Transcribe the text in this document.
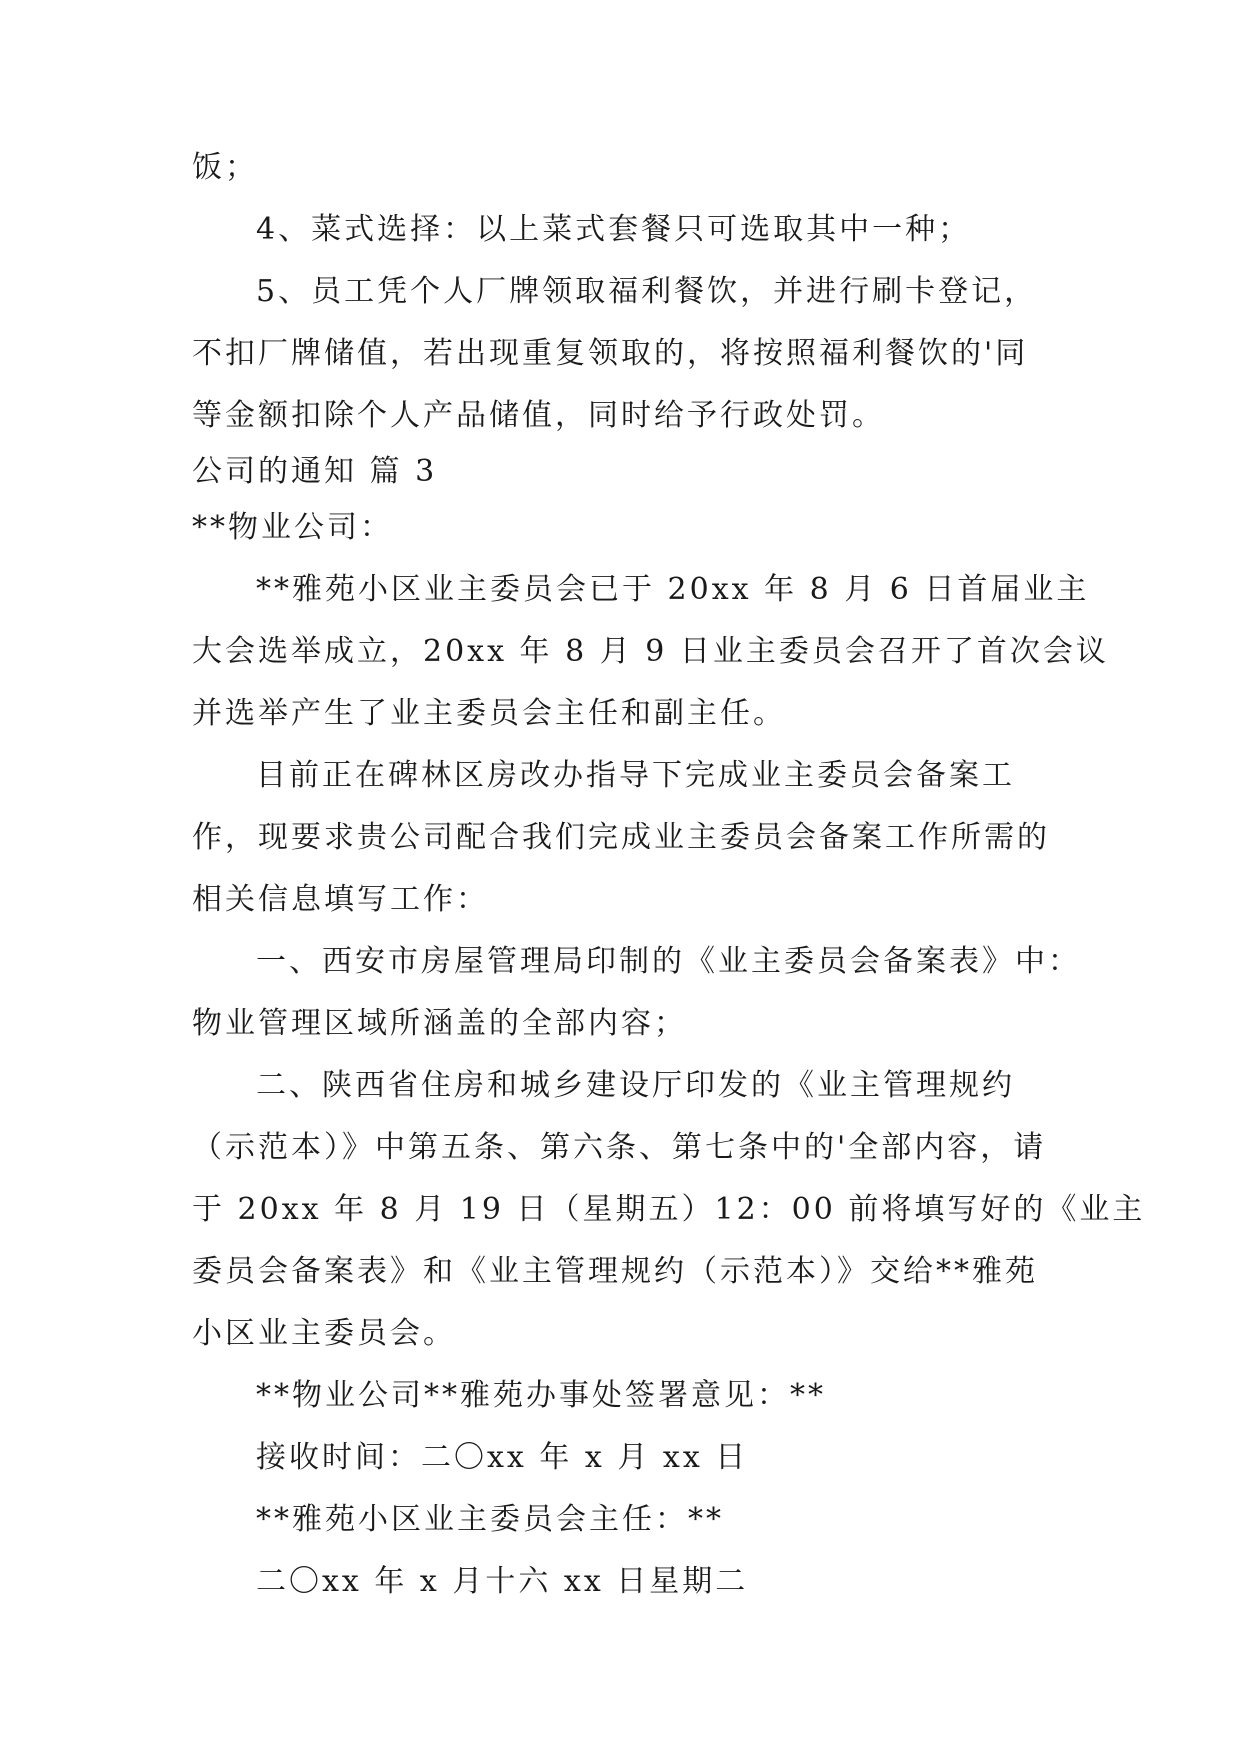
饭；
4、菜式选择：以上菜式套餐只可选取其中一种；
5、员工凭个人厂牌领取福利餐饮，并进行刷卡登记，
不扣厂牌储值，若出现重复领取的，将按照福利餐饮的'同
等金额扣除个人产品储值，同时给予行政处罚。
公司的通知 篇 3
**物业公司：
**雅苑小区业主委员会已于 20xx 年 8 月 6 日首届业主
大会选举成立，20xx 年 8 月 9 日业主委员会召开了首次会议
并选举产生了业主委员会主任和副主任。
目前正在碑林区房改办指导下完成业主委员会备案工
作，现要求贵公司配合我们完成业主委员会备案工作所需的
相关信息填写工作：
一、西安市房屋管理局印制的《业主委员会备案表》中：
物业管理区域所涵盖的全部内容；
二、陕西省住房和城乡建设厅印发的《业主管理规约
（示范本）》中第五条、第六条、第七条中的'全部内容，请
于 20xx 年 8 月 19 日（星期五）12：00 前将填写好的《业主
委员会备案表》和《业主管理规约（示范本）》交给**雅苑
小区业主委员会。
**物业公司**雅苑办事处签署意见：**
接收时间：二〇xx 年 x 月 xx 日
**雅苑小区业主委员会主任：**
二〇xx 年 x 月十六 xx 日星期二
